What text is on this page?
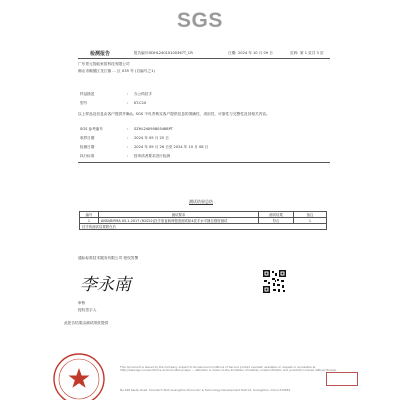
SGS
检测报告	报告编号: SDHL24010100367T_CR	日期: 2024 年 10 月 09 日	页码: 第 1 页共 3 页
广东景元智能家居科技有限公司
佛山市顺德区龙江镇 ... 区 035 号 (自编号之1)
样品描述	: 办公椅扶手
型号	: KT-C10
以上样品及信息由客户提供并确认, SGS 不负责核实客户提供信息的准确性、适用性、可靠性与完整性及其相关内容。
SGS 参考编号	: SZHL24090805488PT
收样日期	: 2024 年 09 月 25 日
检测日期	: 2024 年 09 月 26 日至 2024 年 10 月 08 日
执行标准	: 按申请者要求进行检测
测试结果总结
编号	测试要求	测试结果	备注
1	ANSI/BIFMA X5.1-2017 (R2022)扶手垂直载荷强度测试和4扶手水平静态强度测试	符合	1
扶手的测试结果附在后			
通标标准技术服务有限公司 授权签署
李永南
审核
授权签字人
此报告结果由测试纸张提供
This document is issued by the Company subject to its General Conditions of Service printed overleaf, available on request or accessible at http://www.sgs.com/en/Terms-and-Conditions.aspx ... attention is drawn to the limitation of liability, indemnification and jurisdiction issues defined therein.
No.198 Kezhu Road, Scientech Park Guangzhou Economic & Technology Development District, Guangzhou, China 510663
